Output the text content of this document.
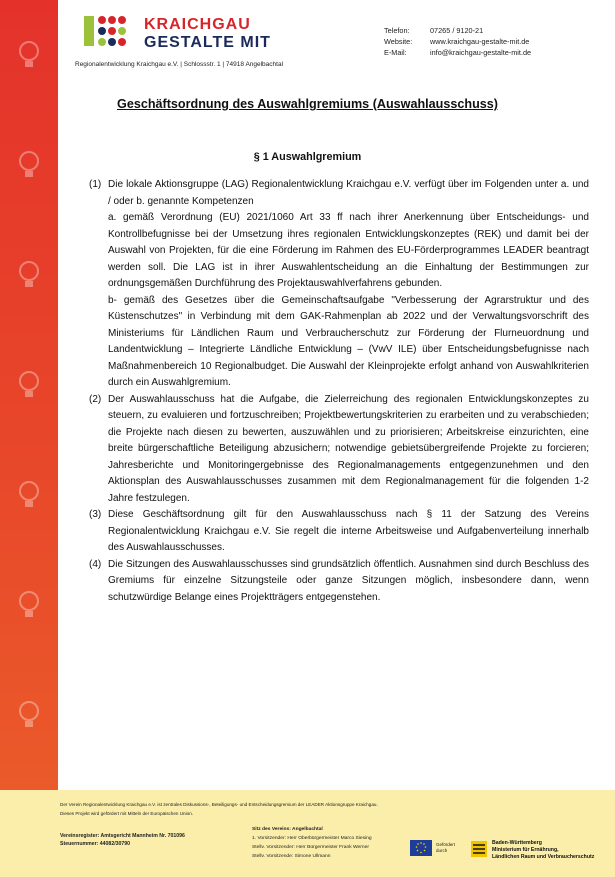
KRAICHGAU
GESTALTE MIT
Regionalentwicklung Kraichgau e.V. | Schlossstr. 1 | 74918 Angelbachtal
Telefon:	07265 / 9120-21
Website:	www.kraichgau-gestalte-mit.de
E-Mail:	info@kraichgau-gestalte-mit.de
Geschäftsordnung des Auswahlgremiums (Auswahlausschuss)
§ 1 Auswahlgremium
(1) Die lokale Aktionsgruppe (LAG) Regionalentwicklung Kraichgau e.V. verfügt über im Folgenden unter a. und / oder b. genannte Kompetenzen

a. gemäß Verordnung (EU) 2021/1060 Art 33 ff nach ihrer Anerkennung über Entscheidungs- und Kontrollbefugnisse bei der Umsetzung ihres regionalen Entwicklungskonzeptes (REK) und damit bei der Auswahl von Projekten, für die eine Förderung im Rahmen des EU-Förderprogrammes LEADER beantragt werden soll. Die LAG ist in ihrer Auswahlentscheidung an die Einhaltung der Bestimmungen zur ordnungsgemäßen Durchführung des Projektauswahlverfahrens gebunden.

b- gemäß des Gesetzes über die Gemeinschaftsaufgabe "Verbesserung der Agrarstruktur und des Küstenschutzes" in Verbindung mit dem GAK-Rahmenplan ab 2022 und der Verwaltungsvorschrift des Ministeriums für Ländlichen Raum und Verbraucherschutz zur Förderung der Flurneuordnung und Landentwicklung – Integrierte Ländliche Entwicklung – (VwV ILE) über Entscheidungsbefugnisse nach Maßnahmenbereich 10 Regionalbudget. Die Auswahl der Kleinprojekte erfolgt anhand von Auswahlkriterien durch ein Auswahlgremium.

(2) Der Auswahlausschuss hat die Aufgabe, die Zielerreichung des regionalen Entwicklungskonzeptes zu steuern, zu evaluieren und fortzuschreiben; Projektbewertungskriterien zu erarbeiten und zu verabschieden; die Projekte nach diesen zu bewerten, auszuwählen und zu priorisieren; Arbeitskreise einzurichten, eine breite bürgerschaftliche Beteiligung abzusichern; notwendige gebietsübergreifende Projekte zu forcieren; Jahresberichte und Monitoringergebnisse des Regionalmanagements entgegenzunehmen und den Aktionsplan des Auswahlausschusses zusammen mit dem Regionalmanagement für die folgenden 1-2 Jahre festzulegen.

(3) Diese Geschäftsordnung gilt für den Auswahlausschuss nach § 11 der Satzung des Vereins Regionalentwicklung Kraichgau e.V. Sie regelt die interne Arbeitsweise und Aufgabenverteilung innerhalb des Auswahlausschusses.

(4) Die Sitzungen des Auswahlausschusses sind grundsätzlich öffentlich. Ausnahmen sind durch Beschluss des Gremiums für einzelne Sitzungsteile oder ganze Sitzungen möglich, insbesondere dann, wenn schutzwürdige Belange eines Projektträgers entgegenstehen.

Der Verein Regionalentwicklung Kraichgau e.V. ist zentrales Diskussions-, Beteiligungs- und Entscheidungsgremium der LEADER Aktionsgruppe Kraichgau.
Dieses Projekt wird gefördert mit Mitteln der Europäischen Union.
Vereinsregister: Amtsgericht Mannheim Nr. 701096
Steuernummer: 44082/30790
Sitz des Vereins: Angelbachtal
1. Vorsitzender: Herr Oberbürgermeister Marco Siesing
Stellv. Vorsitzender: Herr Bürgermeister Frank Werner
Stellv. Vorsitzende: Simone Ullmann
Gefördert
durch
Baden-Württemberg
Ministerium für Ernährung,
Ländlichen Raum und Verbraucherschutz
